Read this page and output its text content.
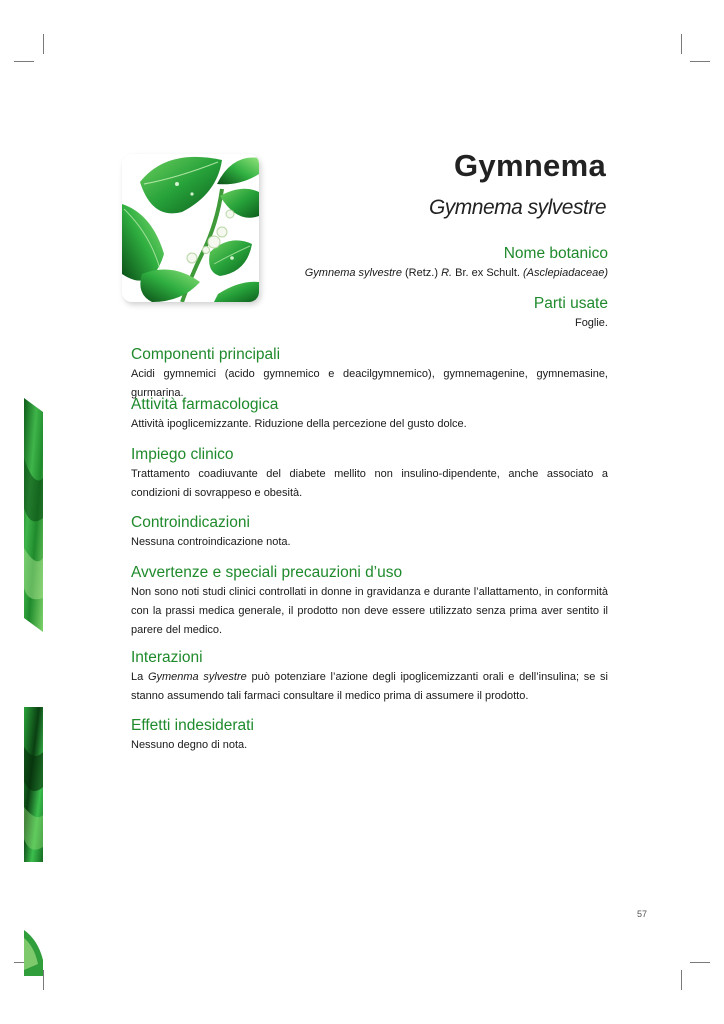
Gymnema
Gymnema sylvestre

Nome botanico

Gymnema sylvestre (Retz.) R. Br. ex Schult. (Asclepiadaceae)

Parti usate

Foglie.

Componenti principali

Acidi gymnemici (acido gymnemico e deacilgymnemico), gymnemagenine, gymnemasine, gurmarina.

Attività farmacologica

Attività ipoglicemizzante. Riduzione della percezione del gusto dolce.

Impiego clinico

Trattamento coadiuvante del diabete mellito non insulino-dipendente, anche associato a condizioni di sovrappeso e obesità.

Controindicazioni

Nessuna controindicazione nota.

Avvertenze e speciali precauzioni d’uso

Non sono noti studi clinici controllati in donne in gravidanza e durante l’allattamento, in conformità con la prassi medica generale, il prodotto non deve essere utilizzato senza prima aver sentito il parere del medico.

Interazioni

La Gymenma sylvestre può potenziare l’azione degli ipoglicemizzanti orali e dell’insulina; se si stanno assumendo tali farmaci consultare il medico prima di assumere il prodotto.

Effetti indesiderati

Nessuno degno di nota.

57
